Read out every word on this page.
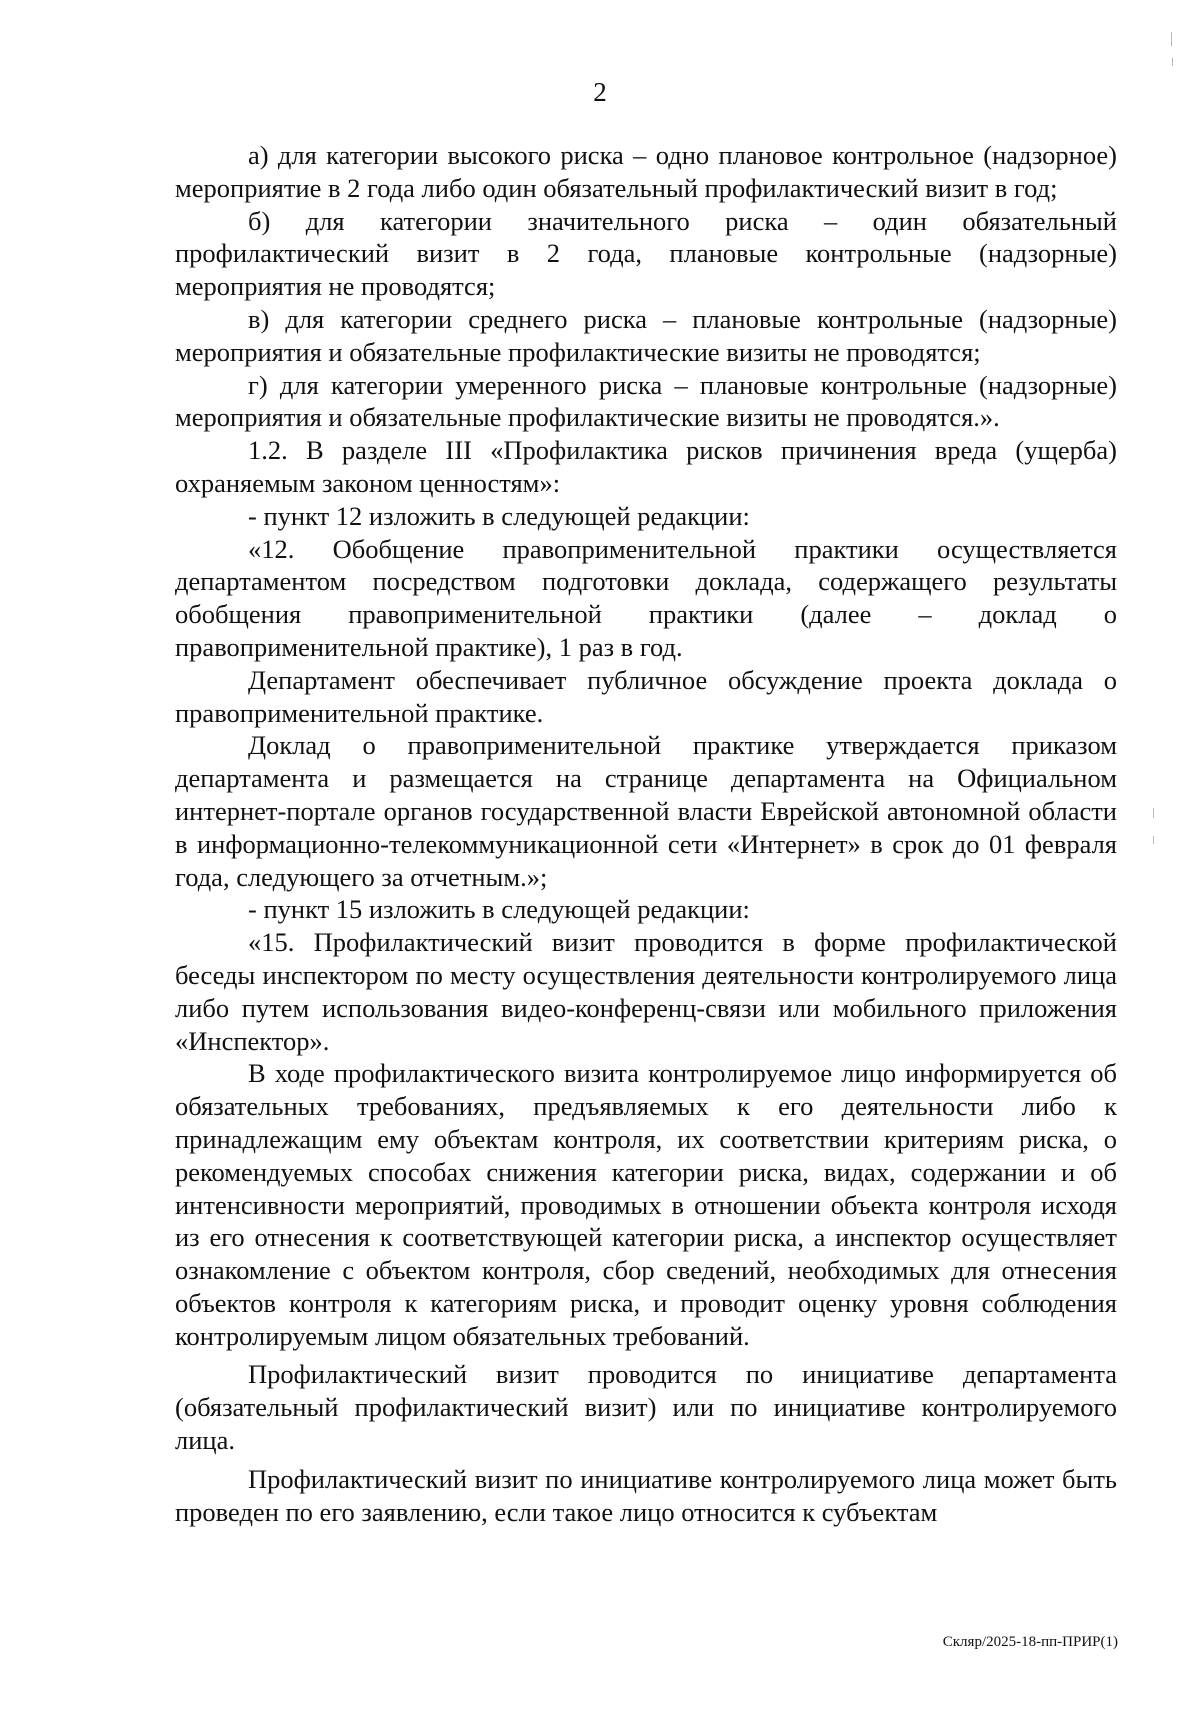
2

а) для категории высокого риска – одно плановое контрольное (надзорное) мероприятие в 2 года либо один обязательный профилактический визит в год;

б) для категории значительного риска – один обязательный профилактический визит в 2 года, плановые контрольные (надзорные) мероприятия не проводятся;

в) для категории среднего риска – плановые контрольные (надзорные) мероприятия и обязательные профилактические визиты не проводятся;

г) для категории умеренного риска – плановые контрольные (надзорные) мероприятия и обязательные профилактические визиты не проводятся.».

1.2. В разделе III «Профилактика рисков причинения вреда (ущерба) охраняемым законом ценностям»:

- пункт 12 изложить в следующей редакции:

«12. Обобщение правоприменительной практики осуществляется департаментом посредством подготовки доклада, содержащего результаты обобщения правоприменительной практики (далее – доклад о правоприменительной практике), 1 раз в год.

Департамент обеспечивает публичное обсуждение проекта доклада о правоприменительной практике.

Доклад о правоприменительной практике утверждается приказом департамента и размещается на странице департамента на Официальном интернет-портале органов государственной власти Еврейской автономной области в информационно-телекоммуникационной сети «Интернет» в срок до 01 февраля года, следующего за отчетным.»;

- пункт 15 изложить в следующей редакции:

«15. Профилактический визит проводится в форме профилактической беседы инспектором по месту осуществления деятельности контролируемого лица либо путем использования видео-конференц-связи или мобильного приложения «Инспектор».

В ходе профилактического визита контролируемое лицо информируется об обязательных требованиях, предъявляемых к его деятельности либо к принадлежащим ему объектам контроля, их соответствии критериям риска, о рекомендуемых способах снижения категории риска, видах, содержании и об интенсивности мероприятий, проводимых в отношении объекта контроля исходя из его отнесения к соответствующей категории риска, а инспектор осуществляет ознакомление с объектом контроля, сбор сведений, необходимых для отнесения объектов контроля к категориям риска, и проводит оценку уровня соблюдения контролируемым лицом обязательных требований.

Профилактический визит проводится по инициативе департамента (обязательный профилактический визит) или по инициативе контролируемого лица.

Профилактический визит по инициативе контролируемого лица может быть проведен по его заявлению, если такое лицо относится к субъектам

Скляр/2025-18-пп-ПРИР(1)
